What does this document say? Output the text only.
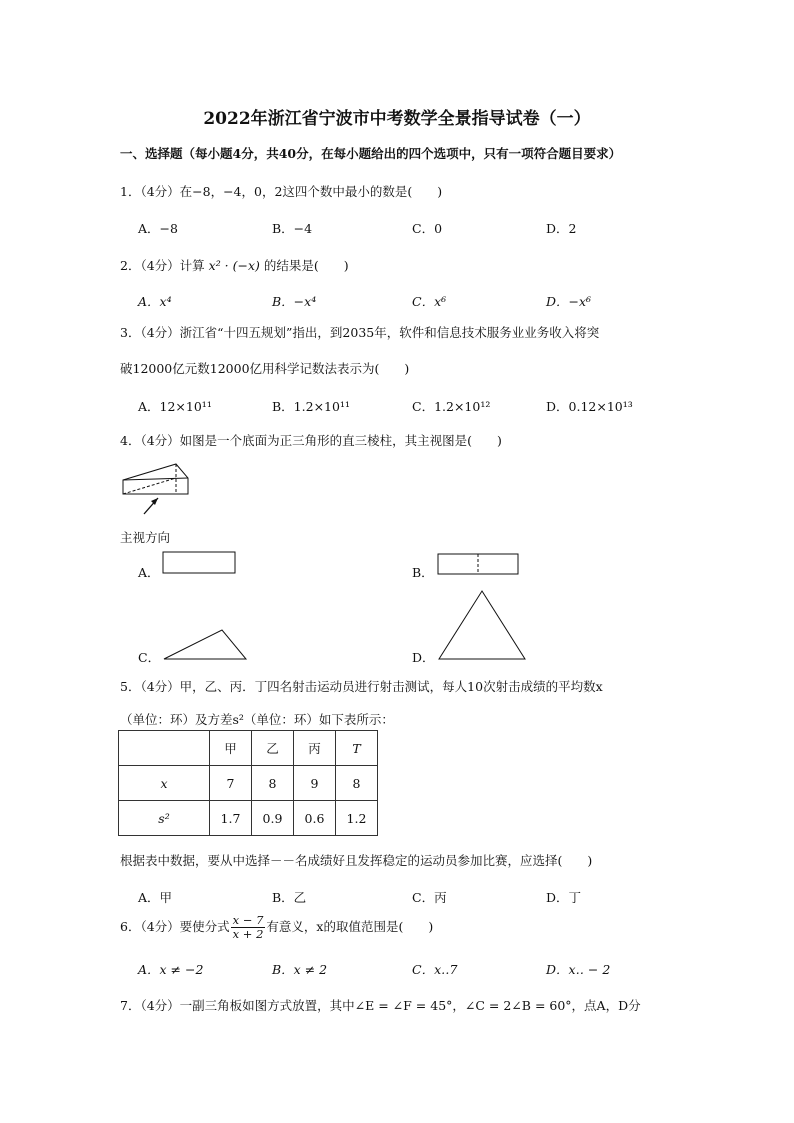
2022年浙江省宁波市中考数学全景指导试卷（一）
一、选择题（每小题4分，共40分，在每小题给出的四个选项中，只有一项符合题目要求）
1．（4分）在−8，−4，0，2这四个数中最小的数是(　　)
A．−8	B．−4	C．0	D．2
2．（4分）计算 x² · (−x) 的结果是(　　)
A．x⁴	B．−x⁴	C．x⁶	D．−x⁶
3．（4分）浙江省“十四五规划”指出，到2035年，软件和信息技术服务业业务收入将突
破12000亿元数12000亿用科学记数法表示为(　　)
A．12×10¹¹	B．1.2×10¹¹	C．1.2×10¹²	D．0.12×10¹³
4．（4分）如图是一个底面为正三角形的直三棱柱，其主视图是(　　)
主视方向
A．	B．
C．	D．
5．（4分）甲，乙、丙．丁四名射击运动员进行射击测试，每人10次射击成绩的平均数x
（单位：环）及方差s²（单位：环）如下表所示：
	甲	乙	丙	T
x	7	8	9	8
s²	1.7	0.9	0.6	1.2
根据表中数据，要从中选择－－名成绩好且发挥稳定的运动员参加比赛，应选择(　　)
A．甲	B．乙	C．丙	D．丁
6．（4分）要使分式 $\frac{x - 7}{x + 2}$ 有意义，x的取值范围是(　　)
A．x ≠ −2	B．x ≠ 2	C．x‥7	D．x‥ − 2
7．（4分）一副三角板如图方式放置，其中∠E = ∠F = 45°，∠C = 2∠B = 60°，点A，D分
